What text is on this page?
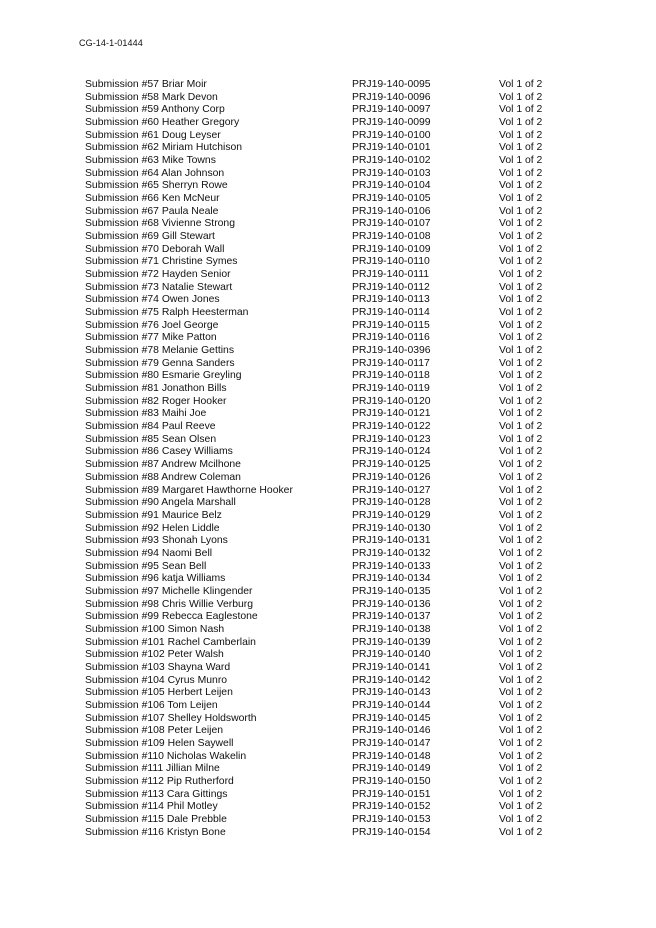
CG-14-1-01444
Submission #57 Briar Moir	PRJ19-140-0095	Vol 1 of 2
Submission #58 Mark Devon	PRJ19-140-0096	Vol 1 of 2
Submission #59 Anthony Corp	PRJ19-140-0097	Vol 1 of 2
Submission #60 Heather Gregory	PRJ19-140-0099	Vol 1 of 2
Submission #61 Doug Leyser	PRJ19-140-0100	Vol 1 of 2
Submission #62 Miriam Hutchison	PRJ19-140-0101	Vol 1 of 2
Submission #63 Mike Towns	PRJ19-140-0102	Vol 1 of 2
Submission #64 Alan Johnson	PRJ19-140-0103	Vol 1 of 2
Submission #65 Sherryn Rowe	PRJ19-140-0104	Vol 1 of 2
Submission #66 Ken McNeur	PRJ19-140-0105	Vol 1 of 2
Submission #67 Paula Neale	PRJ19-140-0106	Vol 1 of 2
Submission #68 Vivienne Strong	PRJ19-140-0107	Vol 1 of 2
Submission #69 Gill Stewart	PRJ19-140-0108	Vol 1 of 2
Submission #70 Deborah Wall	PRJ19-140-0109	Vol 1 of 2
Submission #71 Christine Symes	PRJ19-140-0110	Vol 1 of 2
Submission #72 Hayden Senior	PRJ19-140-0111	Vol 1 of 2
Submission #73 Natalie Stewart	PRJ19-140-0112	Vol 1 of 2
Submission #74 Owen Jones	PRJ19-140-0113	Vol 1 of 2
Submission #75 Ralph Heesterman	PRJ19-140-0114	Vol 1 of 2
Submission #76 Joel George	PRJ19-140-0115	Vol 1 of 2
Submission #77 Mike Patton	PRJ19-140-0116	Vol 1 of 2
Submission #78 Melanie Gettins	PRJ19-140-0396	Vol 1 of 2
Submission #79 Genna Sanders	PRJ19-140-0117	Vol 1 of 2
Submission #80 Esmarie Greyling	PRJ19-140-0118	Vol 1 of 2
Submission #81 Jonathon Bills	PRJ19-140-0119	Vol 1 of 2
Submission #82 Roger Hooker	PRJ19-140-0120	Vol 1 of 2
Submission #83 Maihi Joe	PRJ19-140-0121	Vol 1 of 2
Submission #84 Paul Reeve	PRJ19-140-0122	Vol 1 of 2
Submission #85 Sean Olsen	PRJ19-140-0123	Vol 1 of 2
Submission #86 Casey Williams	PRJ19-140-0124	Vol 1 of 2
Submission #87 Andrew Mcilhone	PRJ19-140-0125	Vol 1 of 2
Submission #88 Andrew Coleman	PRJ19-140-0126	Vol 1 of 2
Submission #89 Margaret Hawthorne Hooker	PRJ19-140-0127	Vol 1 of 2
Submission #90 Angela Marshall	PRJ19-140-0128	Vol 1 of 2
Submission #91 Maurice Belz	PRJ19-140-0129	Vol 1 of 2
Submission #92 Helen Liddle	PRJ19-140-0130	Vol 1 of 2
Submission #93 Shonah Lyons	PRJ19-140-0131	Vol 1 of 2
Submission #94 Naomi Bell	PRJ19-140-0132	Vol 1 of 2
Submission #95 Sean Bell	PRJ19-140-0133	Vol 1 of 2
Submission #96 katja Williams	PRJ19-140-0134	Vol 1 of 2
Submission #97 Michelle Klingender	PRJ19-140-0135	Vol 1 of 2
Submission #98 Chris Willie Verburg	PRJ19-140-0136	Vol 1 of 2
Submission #99 Rebecca Eaglestone	PRJ19-140-0137	Vol 1 of 2
Submission #100 Simon Nash	PRJ19-140-0138	Vol 1 of 2
Submission #101 Rachel Camberlain	PRJ19-140-0139	Vol 1 of 2
Submission #102 Peter Walsh	PRJ19-140-0140	Vol 1 of 2
Submission #103 Shayna Ward	PRJ19-140-0141	Vol 1 of 2
Submission #104 Cyrus Munro	PRJ19-140-0142	Vol 1 of 2
Submission #105 Herbert Leijen	PRJ19-140-0143	Vol 1 of 2
Submission #106 Tom Leijen	PRJ19-140-0144	Vol 1 of 2
Submission #107 Shelley Holdsworth	PRJ19-140-0145	Vol 1 of 2
Submission #108 Peter Leijen	PRJ19-140-0146	Vol 1 of 2
Submission #109 Helen Saywell	PRJ19-140-0147	Vol 1 of 2
Submission #110 Nicholas Wakelin	PRJ19-140-0148	Vol 1 of 2
Submission #111 Jillian Milne	PRJ19-140-0149	Vol 1 of 2
Submission #112 Pip Rutherford	PRJ19-140-0150	Vol 1 of 2
Submission #113 Cara Gittings	PRJ19-140-0151	Vol 1 of 2
Submission #114 Phil Motley	PRJ19-140-0152	Vol 1 of 2
Submission #115 Dale Prebble	PRJ19-140-0153	Vol 1 of 2
Submission #116 Kristyn Bone	PRJ19-140-0154	Vol 1 of 2
